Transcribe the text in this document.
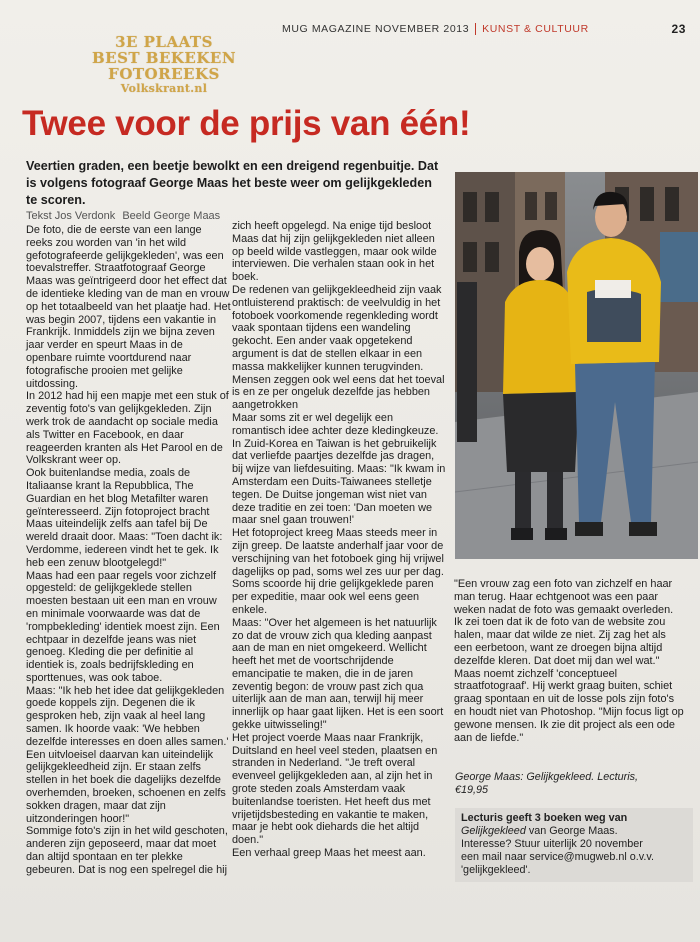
MUG MAGAZINE NOVEMBER 2013 KUNST & CULTUUR	23
3E PLAATS
BEST BEKEKEN
FOTOREEKS
Volkskrant.nl
Twee voor de prijs van één!
Veertien graden, een beetje bewolkt en een dreigend regenbuitje. Dat is volgens fotograaf George Maas het beste weer om gelijkgekleden te scoren.
Tekst Jos Verdonk Beeld George Maas

De foto, die de eerste van een lange reeks zou worden van 'in het wild gefotografeerde gelijkgekleden', was een toevalstreffer. Straatfotograaf George Maas was geïntrigeerd door het effect dat de identieke kleding van de man en vrouw op het totaalbeeld van het plaatje had. Het was begin 2007, tijdens een vakantie in Frankrijk. Inmiddels zijn we bijna zeven jaar verder en speurt Maas in de openbare ruimte voortdurend naar fotografische prooien met gelijke uitdossing.

In 2012 had hij een mapje met een stuk of zeventig foto's van gelijkgekleden. Zijn werk trok de aandacht op sociale media als Twitter en Facebook, en daar reageerden kranten als Het Parool en de Volkskrant weer op.

Ook buitenlandse media, zoals de Italiaanse krant la Repubblica, The Guardian en het blog Metafilter waren geïnteresseerd. Zijn fotoproject bracht Maas uiteindelijk zelfs aan tafel bij De wereld draait door. Maas: "Toen dacht ik: Verdomme, iedereen vindt het te gek. Ik heb een zenuw blootgelegd!"

Maas had een paar regels voor zichzelf opgesteld: de gelijkgeklede stellen moesten bestaan uit een man en vrouw en minimale voorwaarde was dat de 'rompbekleding' identiek moest zijn. Een echtpaar in dezelfde jeans was niet genoeg. Kleding die per definitie al identiek is, zoals bedrijfskleding en sporttenues, was ook taboe.

Maas: "Ik heb het idee dat gelijkgekleden goede koppels zijn. Degenen die ik gesproken heb, zijn vaak al heel lang samen. Ik hoorde vaak: 'We hebben dezelfde interesses en doen alles samen.' Een uitvloeisel daarvan kan uiteindelijk gelijkgekleedheid zijn. Er staan zelfs stellen in het boek die dagelijks dezelfde overhemden, broeken, schoenen en zelfs sokken dragen, maar dat zijn uitzonderingen hoor!"

Sommige foto's zijn in het wild geschoten, anderen zijn geposeerd, maar dat moet dan altijd spontaan en ter plekke gebeuren. Dat is nog een spelregel die hij

zich heeft opgelegd. Na enige tijd besloot Maas dat hij zijn gelijkgekleden niet alleen op beeld wilde vastleggen, maar ook wilde interviewen. Die verhalen staan ook in het boek.

De redenen van gelijkgekleedheid zijn vaak ontluisterend praktisch: de veelvuldig in het fotoboek voorkomende regenkleding wordt vaak spontaan tijdens een wandeling gekocht. Een ander vaak opgetekend argument is dat de stellen elkaar in een massa makkelijker kunnen terugvinden. Mensen zeggen ook wel eens dat het toeval is en ze per ongeluk dezelfde jas hebben aangetrokken

Maar soms zit er wel degelijk een romantisch idee achter deze kledingkeuze. In Zuid-Korea en Taiwan is het gebruikelijk dat verliefde paartjes dezelfde jas dragen, bij wijze van liefdesuiting. Maas: "Ik kwam in Amsterdam een Duits-Taiwanees stelletje tegen. De Duitse jongeman wist niet van deze traditie en zei toen: 'Dan moeten we maar snel gaan trouwen!'

Het fotoproject kreeg Maas steeds meer in zijn greep. De laatste anderhalf jaar voor de verschijning van het fotoboek ging hij vrijwel dagelijks op pad, soms wel zes uur per dag. Soms scoorde hij drie gelijkgeklede paren per expeditie, maar ook wel eens geen enkele.

Maas: "Over het algemeen is het natuurlijk zo dat de vrouw zich qua kleding aanpast aan de man en niet omgekeerd. Wellicht heeft het met de voortschrijdende emancipatie te maken, die in de jaren zeventig begon: de vrouw past zich qua uiterlijk aan de man aan, terwijl hij meer innerlijk op haar gaat lijken. Het is een soort gekke uitwisseling!"

Het project voerde Maas naar Frankrijk, Duitsland en heel veel steden, plaatsen en stranden in Nederland. "Je treft overal evenveel gelijkgekleden aan, al zijn het in grote steden zoals Amsterdam vaak buitenlandse toeristen. Het heeft dus met vrijetijdsbesteding en vakantie te maken, maar je hebt ook diehards die het altijd doen."

Een verhaal greep Maas het meest aan.

"Een vrouw zag een foto van zichzelf en haar man terug. Haar echtgenoot was een paar weken nadat de foto was gemaakt overleden. Ik zei toen dat ik de foto van de website zou halen, maar dat wilde ze niet. Zij zag het als een eerbetoon, want ze droegen bijna altijd dezelfde kleren. Dat doet mij dan wel wat."

Maas noemt zichzelf 'conceptueel straatfotograaf'. Hij werkt graag buiten, schiet graag spontaan en uit de losse pols zijn foto's en houdt niet van Photoshop. "Mijn focus ligt op gewone mensen. Ik zie dit project als een ode aan de liefde."

George Maas: Gelijkgekleed. Lecturis,
€19,95
Lecturis geeft 3 boeken weg van
Gelijkgekleed van George Maas.
Interesse? Stuur uiterlijk 20 november
een mail naar service@mugweb.nl o.v.v.
'gelijkgekleed'.
